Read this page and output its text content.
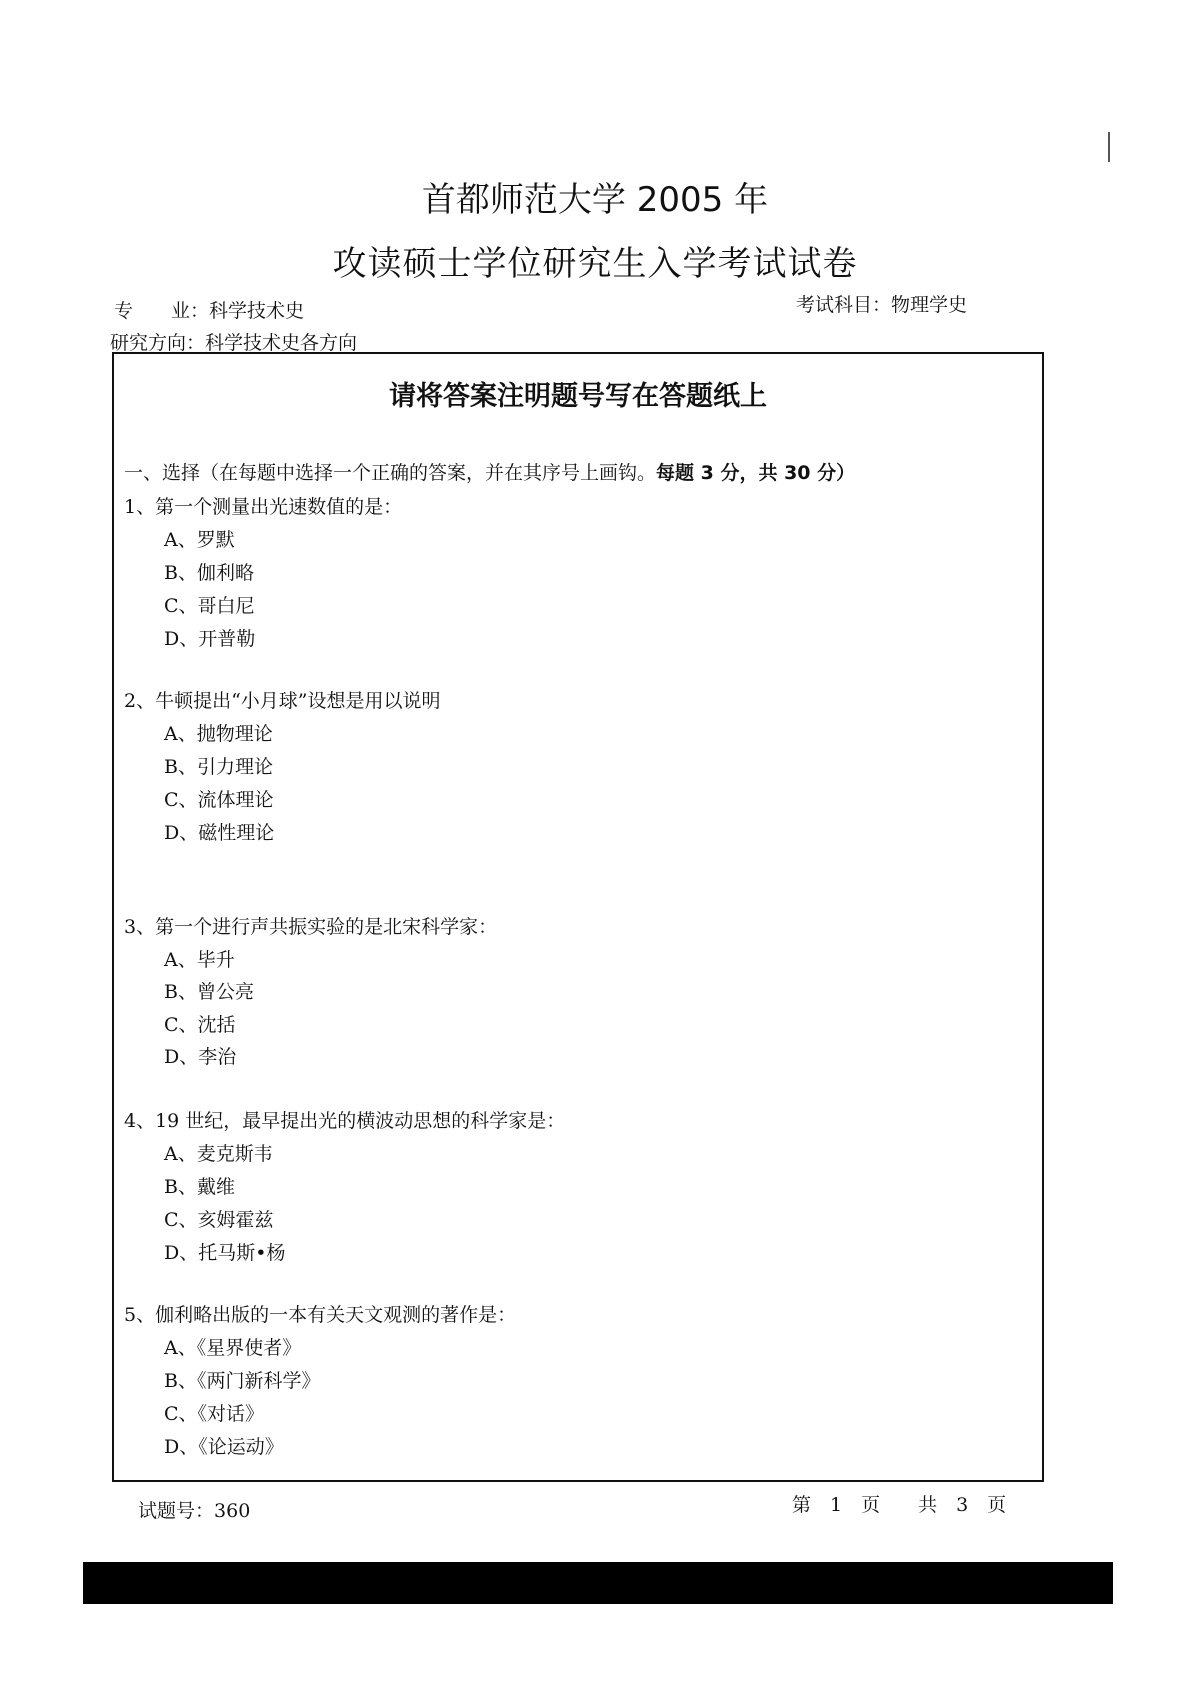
首都师范大学 2005 年
攻读硕士学位研究生入学考试试卷
专　　业：科学技术史	考试科目：物理学史
研究方向：科学技术史各方向
请将答案注明题号写在答题纸上
一、选择（在每题中选择一个正确的答案，并在其序号上画钩。每题 3 分，共 30 分）
1、第一个测量出光速数值的是：
A、罗默
B、伽利略
C、哥白尼
D、开普勒
2、牛顿提出“小月球”设想是用以说明
A、抛物理论
B、引力理论
C、流体理论
D、磁性理论
3、第一个进行声共振实验的是北宋科学家：
A、毕升
B、曾公亮
C、沈括
D、李治
4、19 世纪，最早提出光的横波动思想的科学家是：
A、麦克斯韦
B、戴维
C、亥姆霍兹
D、托马斯•杨
5、伽利略出版的一本有关天文观测的著作是：
A、《星界使者》
B、《两门新科学》
C、《对话》
D、《论运动》
试题号：360	第　1　页　　共　3　页
